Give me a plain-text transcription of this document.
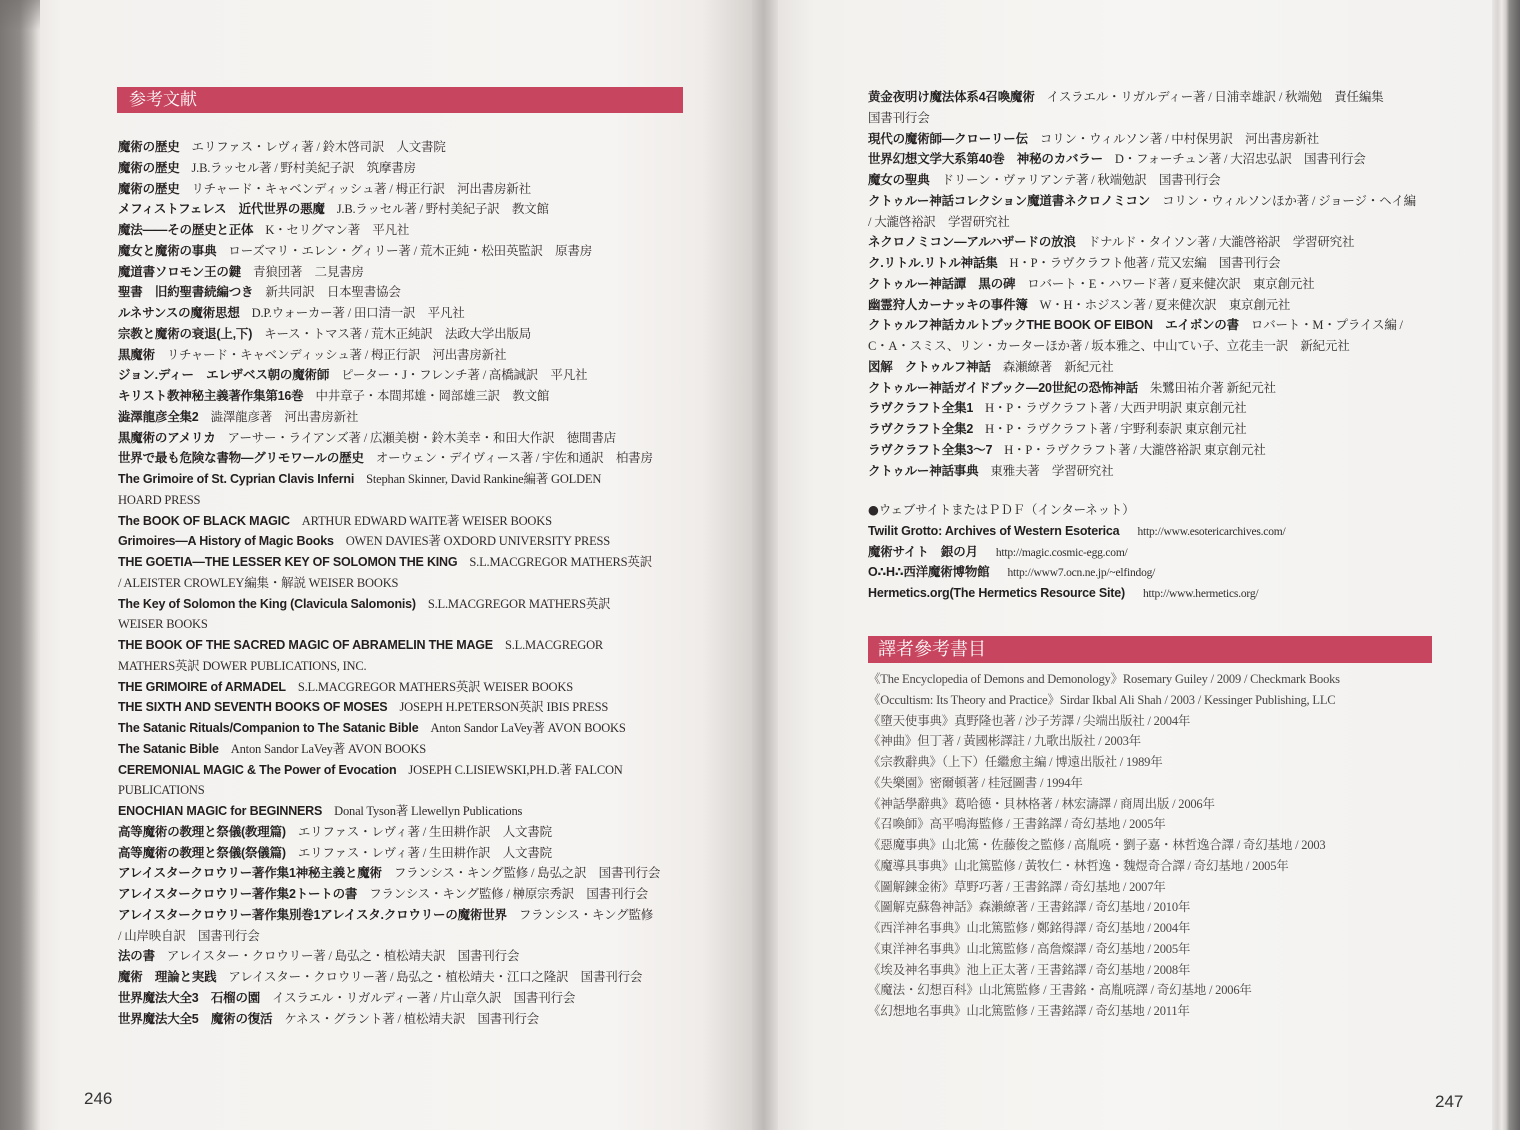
参考文献
魔術の歴史 エリファス・レヴィ著 / 鈴木啓司訳　人文書院
魔術の歴史 J.B.ラッセル著 / 野村美紀子訳　筑摩書房
魔術の歴史 リチャード・キャベンディッシュ著 / 栂正行訳　河出書房新社
メフィストフェレス　近代世界の悪魔 J.B.ラッセル著 / 野村美紀子訳　教文館
魔法――その歴史と正体 K・セリグマン著　平凡社
魔女と魔術の事典 ローズマリ・エレン・グィリー著 / 荒木正純・松田英監訳　原書房
魔道書ソロモン王の鍵 青狼団著　二見書房
聖書　旧約聖書続編つき 新共同訳　日本聖書協会
ルネサンスの魔術思想 D.P.ウォーカー著 / 田口清一訳　平凡社
宗教と魔術の衰退(上,下) キース・トマス著 / 荒木正純訳　法政大学出版局
黒魔術 リチャード・キャベンディッシュ著 / 栂正行訳　河出書房新社
ジョン.ディー　エレザベス朝の魔術師 ピーター・J・フレンチ著 / 高橋誠訳　平凡社
キリスト教神秘主義著作集第16巻 中井章子・本間邦雄・岡部雄三訳　教文館
澁澤龍彦全集2 澁澤龍彦著　河出書房新社
黒魔術のアメリカ アーサー・ライアンズ著 / 広瀬美樹・鈴木美幸・和田大作訳　徳間書店
世界で最も危険な書物―グリモワールの歴史 オーウェン・デイヴィース著 / 宇佐和通訳　柏書房
The Grimoire of St. Cyprian Clavis Inferni Stephan Skinner, David Rankine編著 GOLDEN
HOARD PRESS
The BOOK OF BLACK MAGIC ARTHUR EDWARD WAITE著 WEISER BOOKS
Grimoires—A History of Magic Books OWEN DAVIES著 OXDORD UNIVERSITY PRESS
THE GOETIA—THE LESSER KEY OF SOLOMON THE KING S.L.MACGREGOR MATHERS英訳
/ ALEISTER CROWLEY編集・解説 WEISER BOOKS
The Key of Solomon the King (Clavicula Salomonis) S.L.MACGREGOR MATHERS英訳
WEISER BOOKS
THE BOOK OF THE SACRED MAGIC OF ABRAMELIN THE MAGE S.L.MACGREGOR
MATHERS英訳 DOWER PUBLICATIONS, INC.
THE GRIMOIRE of ARMADEL S.L.MACGREGOR MATHERS英訳 WEISER BOOKS
THE SIXTH AND SEVENTH BOOKS OF MOSES JOSEPH H.PETERSON英訳 IBIS PRESS
The Satanic Rituals/Companion to The Satanic Bible Anton Sandor LaVey著 AVON BOOKS
The Satanic Bible Anton Sandor LaVey著 AVON BOOKS
CEREMONIAL MAGIC & The Power of Evocation JOSEPH C.LISIEWSKI,PH.D.著 FALCON
PUBLICATIONS
ENOCHIAN MAGIC for BEGINNERS Donal Tyson著 Llewellyn Publications
高等魔術の教理と祭儀(教理篇) エリファス・レヴィ著 / 生田耕作訳　人文書院
高等魔術の教理と祭儀(祭儀篇) エリファス・レヴィ著 / 生田耕作訳　人文書院
アレイスタークロウリー著作集1神秘主義と魔術 フランシス・キング監修 / 島弘之訳　国書刊行会
アレイスタークロウリー著作集2トートの書 フランシス・キング監修 / 榊原宗秀訳　国書刊行会
アレイスタークロウリー著作集別巻1アレイスタ.クロウリーの魔術世界 フランシス・キング監修
/ 山岸映自訳　国書刊行会
法の書 アレイスター・クロウリー著 / 島弘之・植松靖夫訳　国書刊行会
魔術　理論と実践 アレイスター・クロウリー著 / 島弘之・植松靖夫・江口之隆訳　国書刊行会
世界魔法大全3　石榴の園 イスラエル・リガルディー著 / 片山章久訳　国書刊行会
世界魔法大全5　魔術の復活 ケネス・グラント著 / 植松靖夫訳　国書刊行会
246
黄金夜明け魔法体系4召喚魔術 イスラエル・リガルディー著 / 日浦幸雄訳 / 秋端勉　責任編集
国書刊行会
現代の魔術師―クローリー伝 コリン・ウィルソン著 / 中村保男訳　河出書房新社
世界幻想文学大系第40巻　神秘のカバラー D・フォーチュン著 / 大沼忠弘訳　国書刊行会
魔女の聖典 ドリーン・ヴァリアンテ著 / 秋端勉訳　国書刊行会
クトゥルー神話コレクション魔道書ネクロノミコン コリン・ウィルソンほか著 / ジョージ・ヘイ編
/ 大瀧啓裕訳　学習研究社
ネクロノミコン―アルハザードの放浪 ドナルド・タイソン著 / 大瀧啓裕訳　学習研究社
ク.リトル.リトル神話集 H・P・ラヴクラフト他著 / 荒又宏編　国書刊行会
クトゥルー神話譚　黒の碑 ロバート・E・ハワード著 / 夏来健次訳　東京創元社
幽霊狩人カーナッキの事件簿 W・H・ホジスン著 / 夏来健次訳　東京創元社
クトゥルフ神話カルトブックTHE BOOK OF EIBON　エイボンの書 ロバート・M・プライス編 /
C・A・スミス、リン・カーターほか著 / 坂本雅之、中山てい子、立花圭一訳　新紀元社
図解　クトゥルフ神話 森瀬繚著　新紀元社
クトゥルー神話ガイドブック―20世紀の恐怖神話 朱鷺田祐介著 新紀元社
ラヴクラフト全集1 H・P・ラヴクラフト著 / 大西尹明訳 東京創元社
ラヴクラフト全集2 H・P・ラヴクラフト著 / 宇野利泰訳 東京創元社
ラヴクラフト全集3〜7 H・P・ラヴクラフト著 / 大瀧啓裕訳 東京創元社
クトゥルー神話事典 東雅夫著　学習研究社
●ウェブサイトまたはＰＤＦ（インターネット）
Twilit Grotto: Archives of Western Esoterica http://www.esotericarchives.com/
魔術サイト　銀の月 http://magic.cosmic-egg.com/
O∴H∴西洋魔術博物館 http://www7.ocn.ne.jp/~elfindog/
Hermetics.org(The Hermetics Resource Site) http://www.hermetics.org/
譯者參考書目
《The Encyclopedia of Demons and Demonology》Rosemary Guiley / 2009 / Checkmark Books
《Occultism: Its Theory and Practice》Sirdar Ikbal Ali Shah / 2003 / Kessinger Publishing, LLC
《墮天使事典》真野隆也著 / 沙子芳譯 / 尖端出版社 / 2004年
《神曲》但丁著 / 黃國彬譯註 / 九歌出版社 / 2003年
《宗教辭典》（上下）任繼愈主編 / 博遠出版社 / 1989年
《失樂園》密爾頓著 / 桂冠圖書 / 1994年
《神話學辭典》葛哈德・貝林格著 / 林宏濤譯 / 商周出版 / 2006年
《召喚師》高平鳴海監修 / 王書銘譯 / 奇幻基地 / 2005年
《惡魔事典》山北篤・佐藤俊之監修 / 高胤喨・劉子嘉・林哲逸合譯 / 奇幻基地 / 2003
《魔導具事典》山北篤監修 / 黃牧仁・林哲逸・魏煜奇合譯 / 奇幻基地 / 2005年
《圖解鍊金術》草野巧著 / 王書銘譯 / 奇幻基地 / 2007年
《圖解克蘇魯神話》森瀨繚著 / 王書銘譯 / 奇幻基地 / 2010年
《西洋神名事典》山北篤監修 / 鄭銘得譯 / 奇幻基地 / 2004年
《東洋神名事典》山北篤監修 / 高詹燦譯 / 奇幻基地 / 2005年
《埃及神名事典》池上正太著 / 王書銘譯 / 奇幻基地 / 2008年
《魔法・幻想百科》山北篤監修 / 王書銘・高胤喨譯 / 奇幻基地 / 2006年
《幻想地名事典》山北篤監修 / 王書銘譯 / 奇幻基地 / 2011年
247
